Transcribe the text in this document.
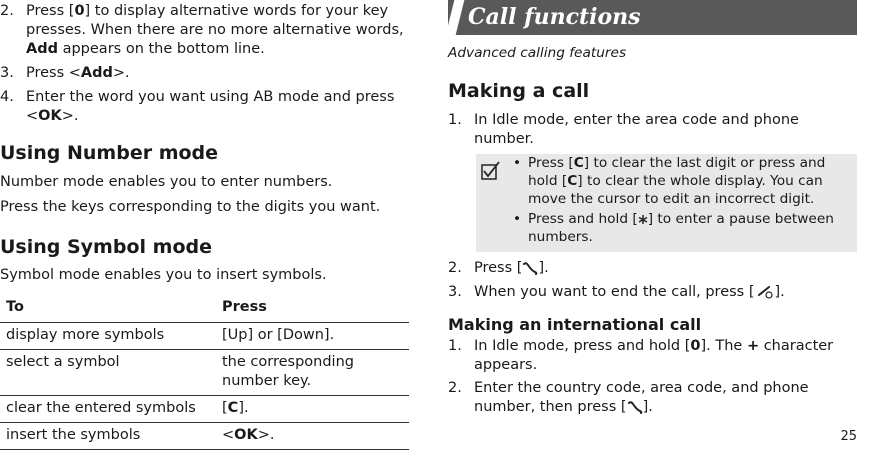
2. Press [0] to display alternative words for your key presses. When there are no more alternative words, Add appears on the bottom line.
3. Press <Add>.
4. Enter the word you want using AB mode and press <OK>.
Using Number mode

Number mode enables you to enter numbers.

Press the keys corresponding to the digits you want.

Using Symbol mode

Symbol mode enables you to insert symbols.

To	Press
display more symbols	[Up] or [Down].
select a symbol	the corresponding number key.
clear the entered symbols	[C].
insert the symbols	<OK>.
Call functions
Advanced calling features
Making a call
1. In Idle mode, enter the area code and phone number.
• Press [C] to clear the last digit or press and hold [C] to clear the whole display. You can move the cursor to edit an incorrect digit.
• Press and hold [ ] to enter a pause between numbers.
2. Press [ ].
3. When you want to end the call, press [ ].
Making an international call
1. In Idle mode, press and hold [0]. The + character appears.
2. Enter the country code, area code, and phone number, then press [ ].
25
